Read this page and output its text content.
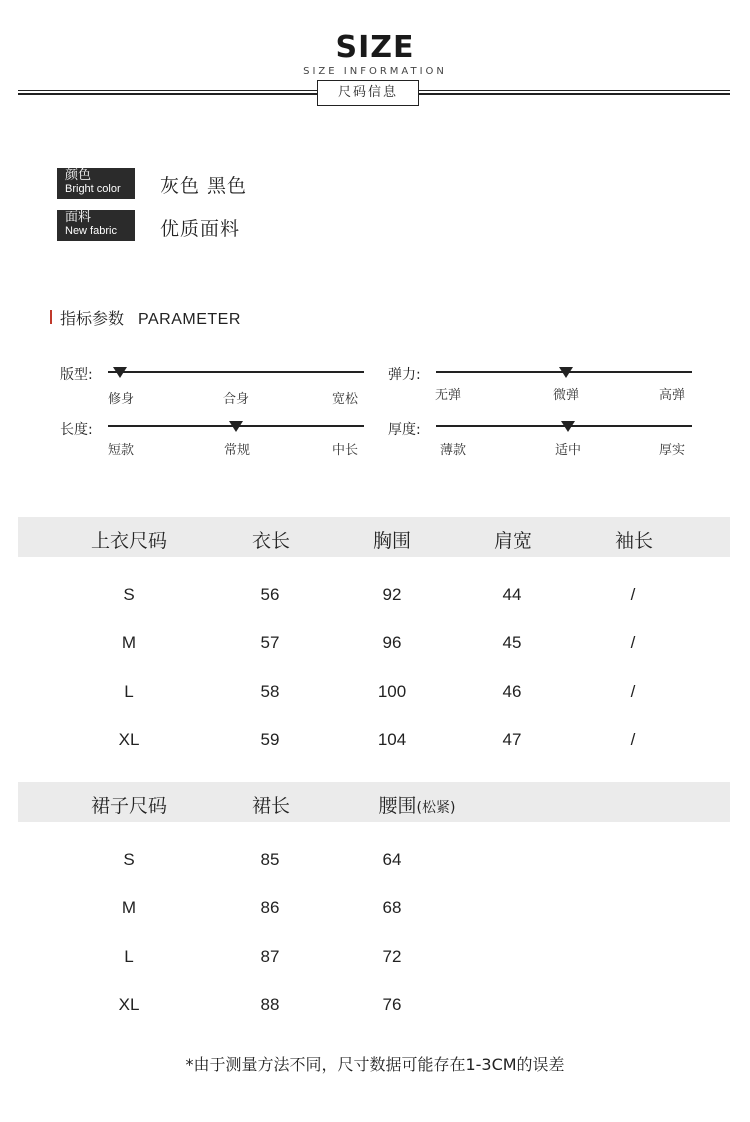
SIZE
SIZE INFORMATION
尺码信息
颜色
Bright color 灰色 黑色
面料
New fabric 优质面料
指标参数 PARAMETER
版型:
修身	合身	宽松
弹力:
无弹	微弹	高弹
长度:
短款	常规	中长
厚度:
薄款	适中	厚实
上衣尺码	衣长	胸围	肩宽	袖长
S	56	92	44	/
M	57	96	45	/
L	58	100	46	/
XL	59	104	47	/
裙子尺码	裙长	腰围(松紧)
S	85	64
M	86	68
L	87	72
XL	88	76
*由于测量方法不同，尺寸数据可能存在1-3CM的误差
